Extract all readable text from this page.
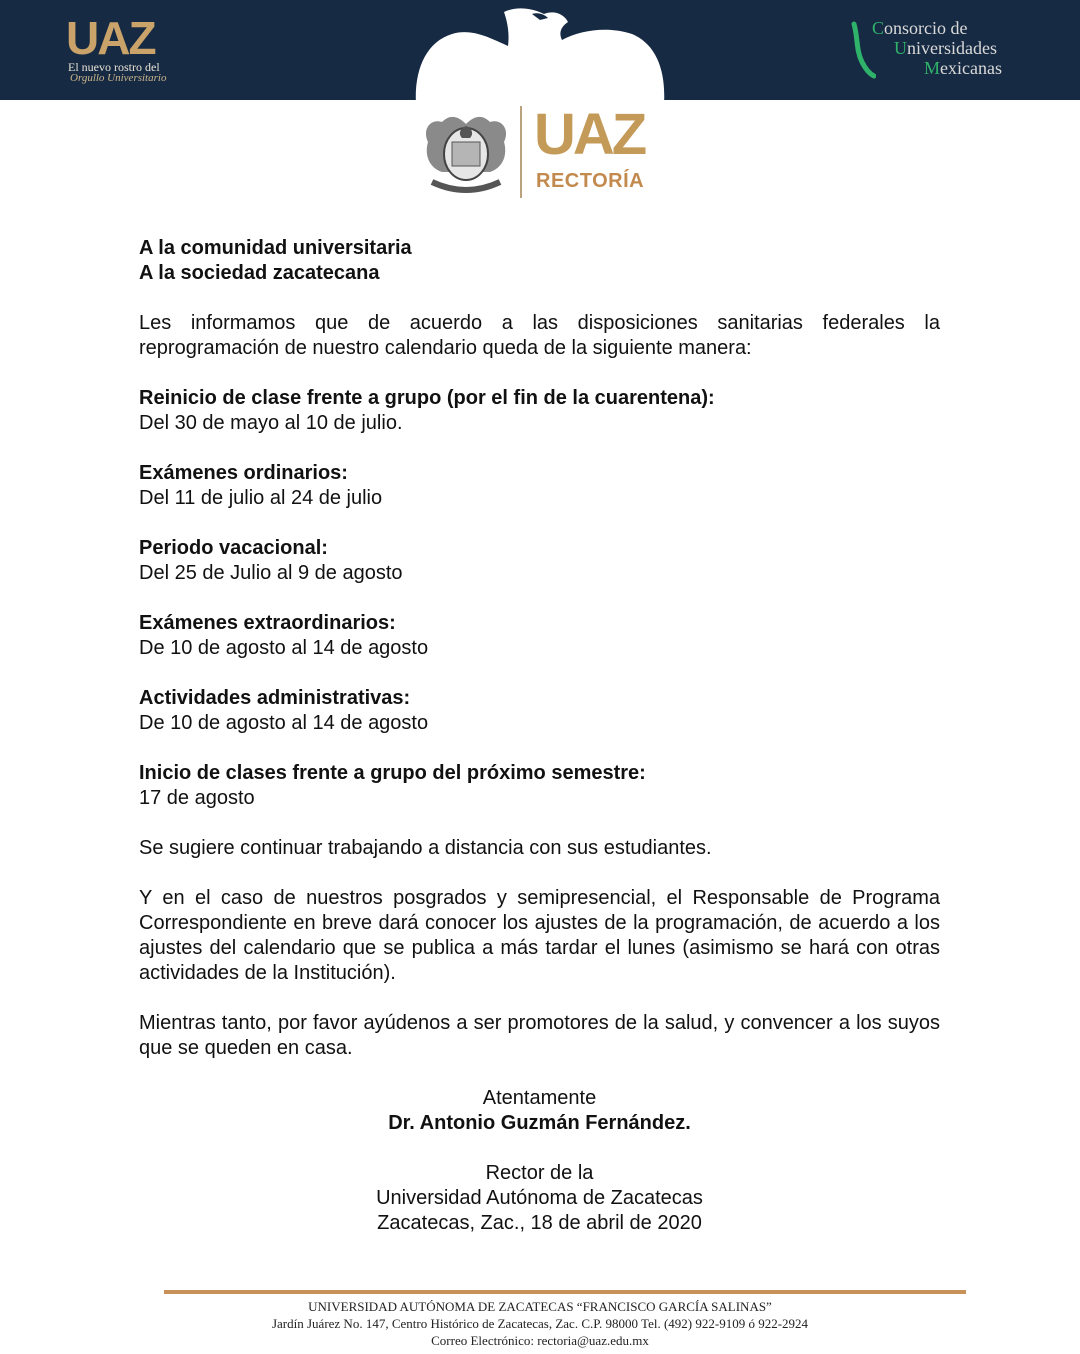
UAZ
El nuevo rostro del
Orgullo Universitario
Consorcio de
Universidades
Mexicanas
UAZ
RECTORÍA

A la comunidad universitaria

A la sociedad zacatecana

Les informamos que de acuerdo a las disposiciones sanitarias federales la reprogramación de nuestro calendario queda de la siguiente manera:

Reinicio de clase frente a grupo (por el fin de la cuarentena):

Del 30 de mayo al 10 de julio.

Exámenes ordinarios:

Del 11 de julio al 24 de julio

Periodo vacacional:

Del 25 de Julio al 9 de agosto

Exámenes extraordinarios:

De 10 de agosto al 14 de agosto

Actividades administrativas:

De 10 de agosto al 14 de agosto

Inicio de clases frente a grupo del próximo semestre:

17 de agosto

Se sugiere continuar trabajando a distancia con sus estudiantes.

Y en el caso de nuestros posgrados y semipresencial, el Responsable de Programa Correspondiente en breve dará conocer los ajustes de la programación, de acuerdo a los ajustes del calendario que se publica a más tardar el lunes (asimismo se hará con otras actividades de la Institución).

Mientras tanto, por favor ayúdenos a ser promotores de la salud, y convencer a los suyos que se queden en casa.

Atentamente

Dr. Antonio Guzmán Fernández.

Rector de la

Universidad Autónoma de Zacatecas

Zacatecas, Zac., 18 de abril de 2020

UNIVERSIDAD AUTÓNOMA DE ZACATECAS “FRANCISCO GARCÍA SALINAS”

Jardín Juárez No. 147, Centro Histórico de Zacatecas, Zac. C.P. 98000 Tel. (492) 922-9109 ó 922-2924

Correo Electrónico: rectoria@uaz.edu.mx
